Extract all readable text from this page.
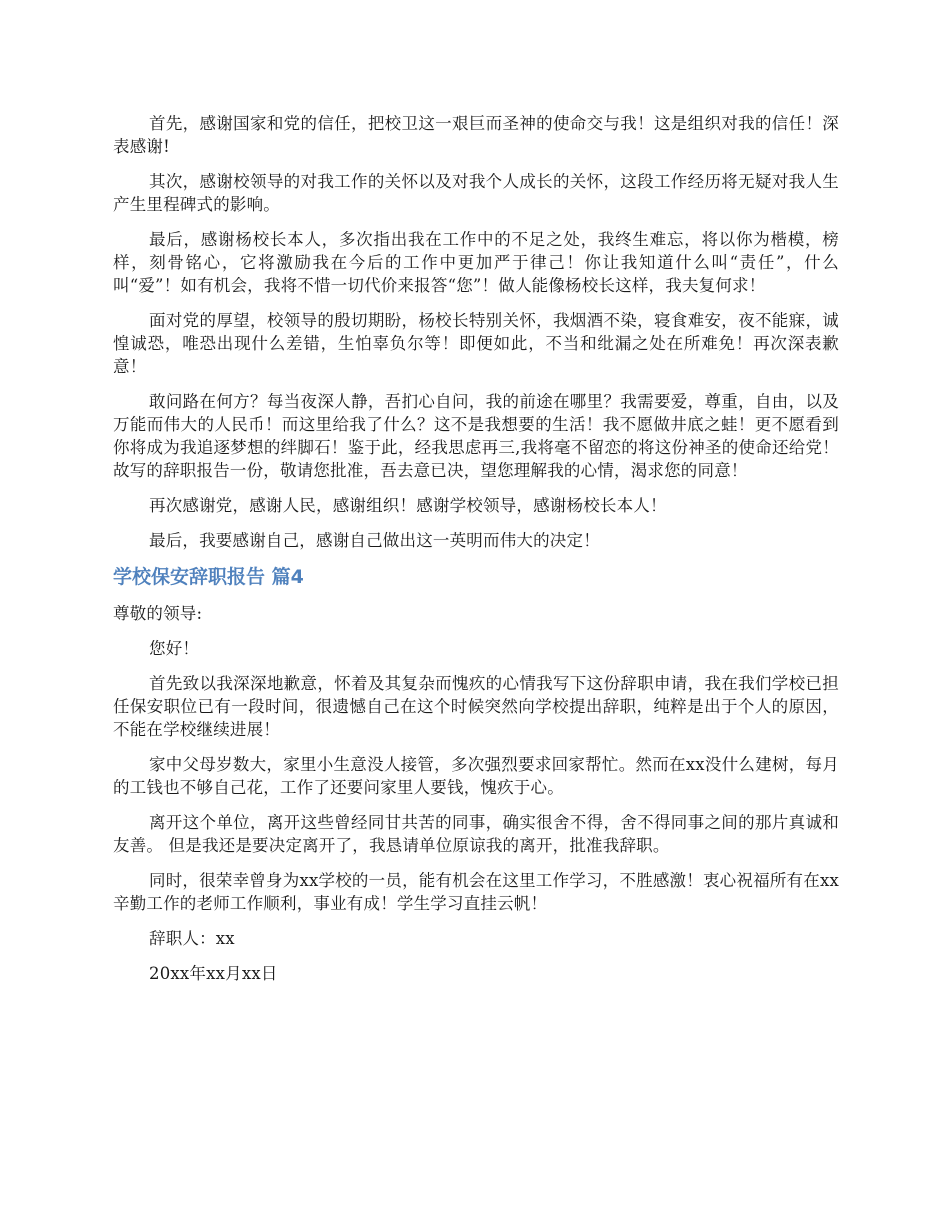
首先，感谢国家和党的信任，把校卫这一艰巨而圣神的使命交与我！这是组织对我的信任！深表感谢!

其次，感谢校领导的对我工作的关怀以及对我个人成长的关怀，这段工作经历将无疑对我人生产生里程碑式的影响。

最后，感谢杨校长本人，多次指出我在工作中的不足之处，我终生难忘，将以你为楷模，榜样，刻骨铭心，它将激励我在今后的工作中更加严于律己！你让我知道什么叫“责任”，什么叫“爱”！如有机会，我将不惜一切代价来报答“您”！做人能像杨校长这样，我夫复何求！

面对党的厚望，校领导的殷切期盼，杨校长特别关怀，我烟酒不染，寝食难安，夜不能寐，诚惶诚恐，唯恐出现什么差错，生怕辜负尔等！即便如此，不当和纰漏之处在所难免！再次深表歉意！

敢问路在何方？每当夜深人静，吾扪心自问，我的前途在哪里？我需要爱，尊重，自由，以及万能而伟大的人民币！而这里给我了什么？这不是我想要的生活！我不愿做井底之蛙！更不愿看到你将成为我追逐梦想的绊脚石！鉴于此，经我思虑再三,我将毫不留恋的将这份神圣的使命还给党！故写的辞职报告一份，敬请您批准，吾去意已决，望您理解我的心情，渴求您的同意！

再次感谢党，感谢人民，感谢组织！感谢学校领导，感谢杨校长本人！

最后，我要感谢自己，感谢自己做出这一英明而伟大的决定！

学校保安辞职报告 篇4

尊敬的领导:

您好！

首先致以我深深地歉意，怀着及其复杂而愧疚的心情我写下这份辞职申请，我在我们学校已担任保安职位已有一段时间，很遗憾自己在这个时候突然向学校提出辞职，纯粹是出于个人的原因，不能在学校继续进展！

家中父母岁数大，家里小生意没人接管，多次强烈要求回家帮忙。然而在xx没什么建树，每月的工钱也不够自己花，工作了还要问家里人要钱，愧疚于心。

离开这个单位，离开这些曾经同甘共苦的同事，确实很舍不得，舍不得同事之间的那片真诚和友善。 但是我还是要决定离开了，我恳请单位原谅我的离开，批准我辞职。

同时，很荣幸曾身为xx学校的一员，能有机会在这里工作学习，不胜感激！衷心祝福所有在xx辛勤工作的老师工作顺利，事业有成！学生学习直挂云帆！

辞职人：xx

20xx年xx月xx日
